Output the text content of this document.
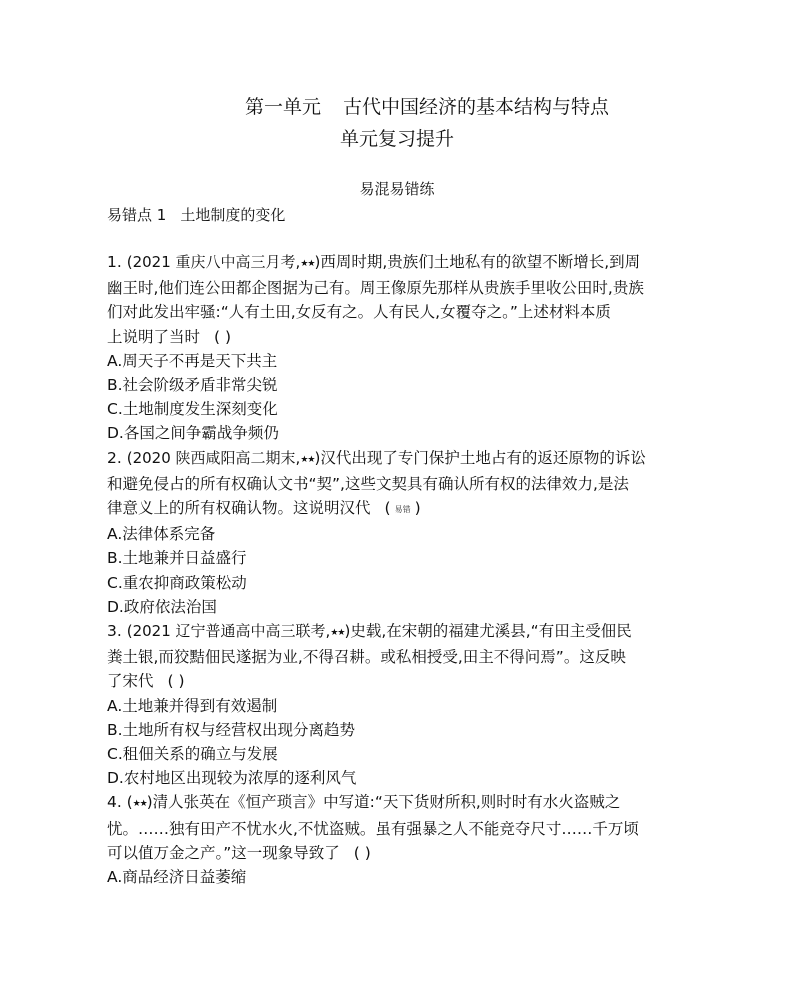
第一单元 古代中国经济的基本结构与特点
单元复习提升
易混易错练
易错点 1 土地制度的变化

1. (2021 重庆八中高三月考,★★)西周时期,贵族们土地私有的欲望不断增长,到周

幽王时,他们连公田都企图据为己有。周王像原先那样从贵族手里收公田时,贵族

们对此发出牢骚:“人有土田,女反有之。人有民人,女覆夺之。”上述材料本质

上说明了当时 ( )

A.周天子不再是天下共主

B.社会阶级矛盾非常尖锐

C.土地制度发生深刻变化

D.各国之间争霸战争频仍

2. (2020 陕西咸阳高二期末,★★)汉代出现了专门保护土地占有的返还原物的诉讼

和避免侵占的所有权确认文书“契”,这些文契具有确认所有权的法律效力,是法

律意义上的所有权确认物。这说明汉代 ( 易错 )

A.法律体系完备

B.土地兼并日益盛行

C.重农抑商政策松动

D.政府依法治国

3. (2021 辽宁普通高中高三联考,★★)史载,在宋朝的福建尤溪县,“有田主受佃民

粪土银,而狡黠佃民遂据为业,不得召耕。或私相授受,田主不得问焉”。这反映

了宋代 ( )

A.土地兼并得到有效遏制

B.土地所有权与经营权出现分离趋势

C.租佃关系的确立与发展

D.农村地区出现较为浓厚的逐利风气

4. (★★)清人张英在《恒产琐言》中写道:“天下货财所积,则时时有水火盗贼之

忧。……独有田产不忧水火,不忧盗贼。虽有强暴之人不能竞夺尺寸……千万顷

可以值万金之产。”这一现象导致了 ( )

A.商品经济日益萎缩
